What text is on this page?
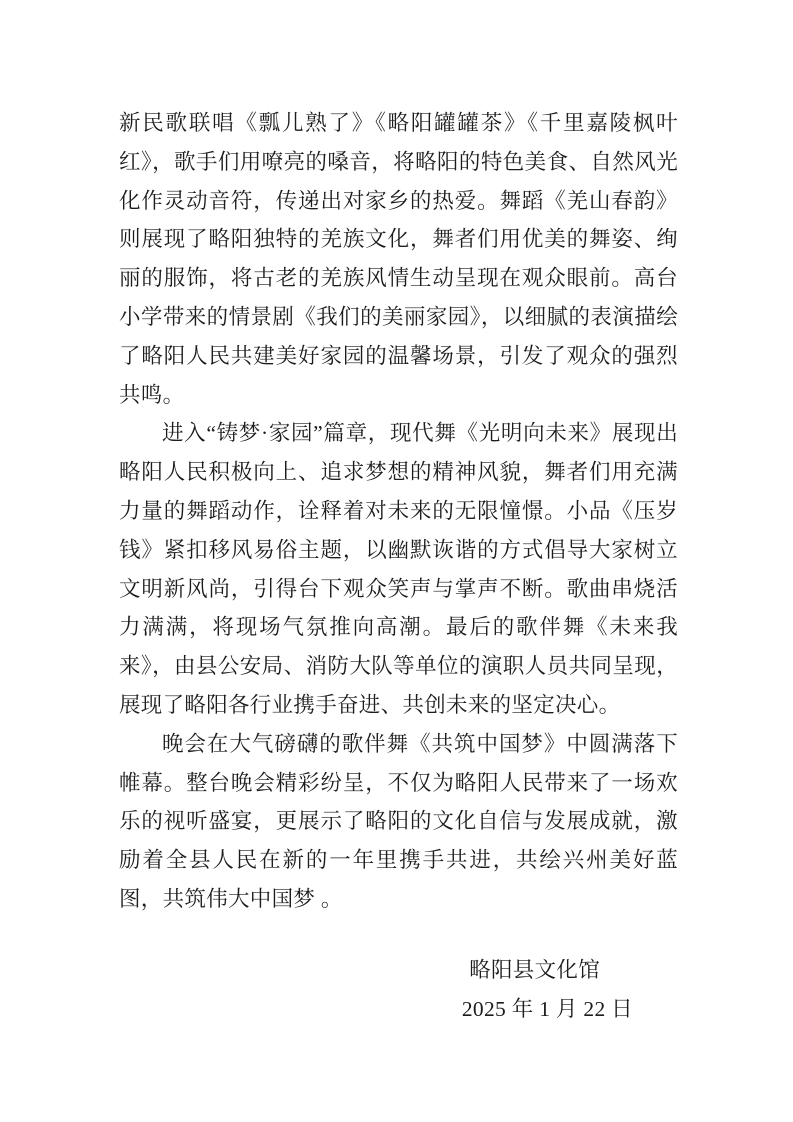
新民歌联唱《瓢儿熟了》《略阳罐罐茶》《千里嘉陵枫叶红》，歌手们用嘹亮的嗓音，将略阳的特色美食、自然风光化作灵动音符，传递出对家乡的热爱。舞蹈《羌山春韵》则展现了略阳独特的羌族文化，舞者们用优美的舞姿、绚丽的服饰，将古老的羌族风情生动呈现在观众眼前。高台小学带来的情景剧《我们的美丽家园》，以细腻的表演描绘了略阳人民共建美好家园的温馨场景，引发了观众的强烈共鸣。

进入“铸梦·家园”篇章，现代舞《光明向未来》展现出略阳人民积极向上、追求梦想的精神风貌，舞者们用充满力量的舞蹈动作，诠释着对未来的无限憧憬。小品《压岁钱》紧扣移风易俗主题，以幽默诙谐的方式倡导大家树立文明新风尚，引得台下观众笑声与掌声不断。歌曲串烧活力满满，将现场气氛推向高潮。最后的歌伴舞《未来我来》，由县公安局、消防大队等单位的演职人员共同呈现，展现了略阳各行业携手奋进、共创未来的坚定决心。

晚会在大气磅礴的歌伴舞《共筑中国梦》中圆满落下帷幕。整台晚会精彩纷呈，不仅为略阳人民带来了一场欢乐的视听盛宴，更展示了略阳的文化自信与发展成就，激励着全县人民在新的一年里携手共进，共绘兴州美好蓝图，共筑伟大中国梦 。

略阳县文化馆
2025 年 1 月 22 日
